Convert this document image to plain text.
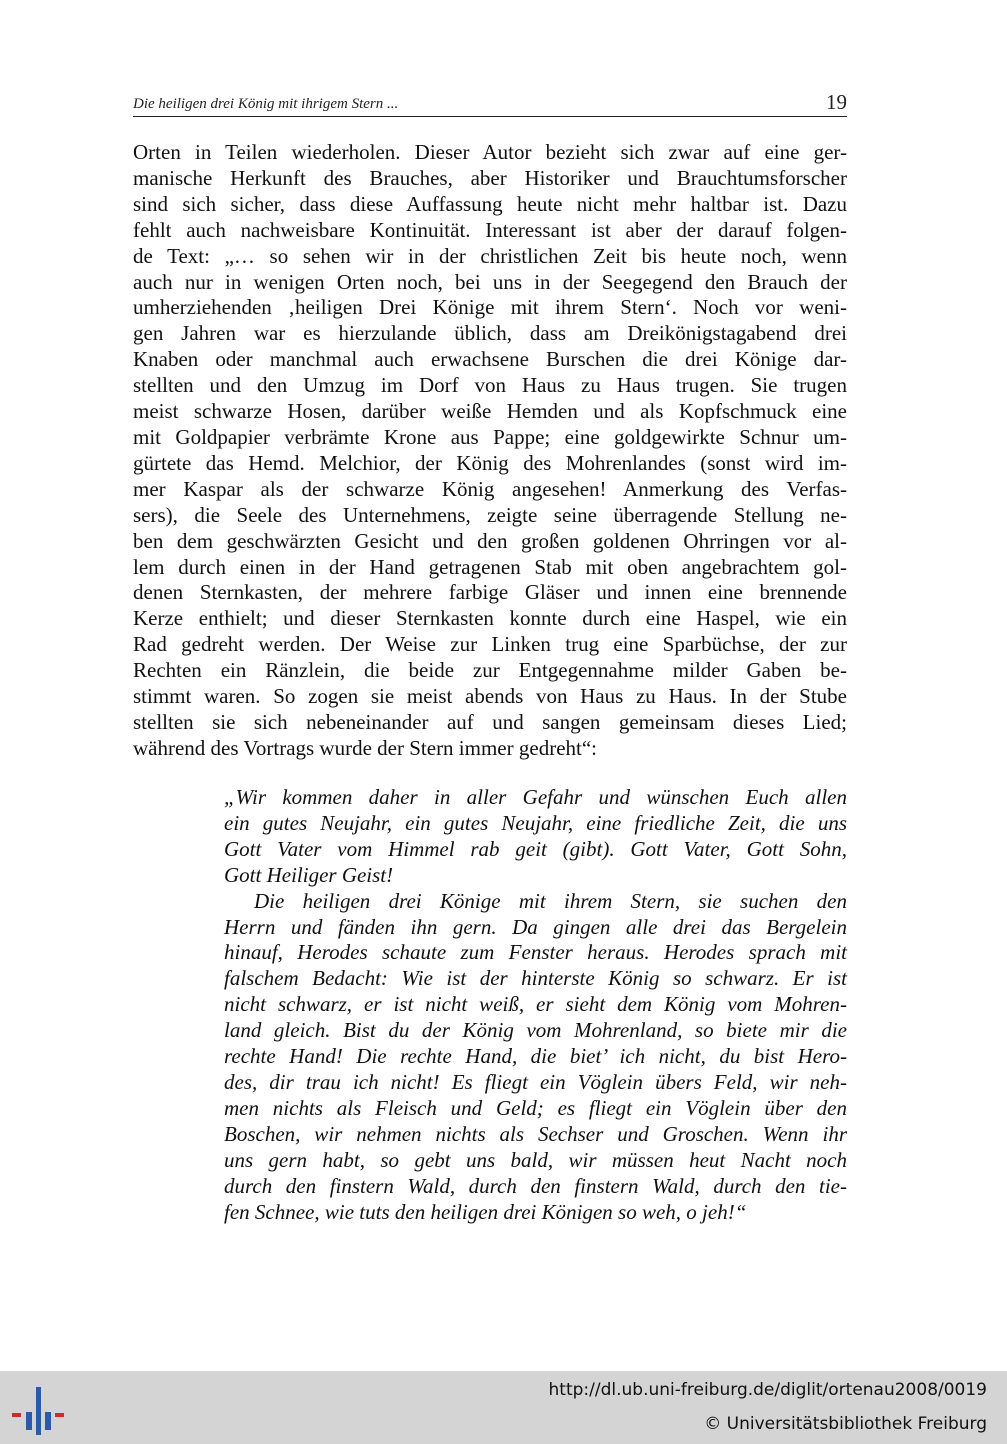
Die heiligen drei König mit ihrigem Stern ...	19
Orten in Teilen wiederholen. Dieser Autor bezieht sich zwar auf eine ger-
manische Herkunft des Brauches, aber Historiker und Brauchtumsforscher
sind sich sicher, dass diese Auffassung heute nicht mehr haltbar ist. Dazu
fehlt auch nachweisbare Kontinuität. Interessant ist aber der darauf folgen-
de Text: „… so sehen wir in der christlichen Zeit bis heute noch, wenn
auch nur in wenigen Orten noch, bei uns in der Seegegend den Brauch der
umherziehenden ‚heiligen Drei Könige mit ihrem Stern‘. Noch vor weni-
gen Jahren war es hierzulande üblich, dass am Dreikönigstagabend drei
Knaben oder manchmal auch erwachsene Burschen die drei Könige dar-
stellten und den Umzug im Dorf von Haus zu Haus trugen. Sie trugen
meist schwarze Hosen, darüber weiße Hemden und als Kopfschmuck eine
mit Goldpapier verbrämte Krone aus Pappe; eine goldgewirkte Schnur um-
gürtete das Hemd. Melchior, der König des Mohrenlandes (sonst wird im-
mer Kaspar als der schwarze König angesehen! Anmerkung des Verfas-
sers), die Seele des Unternehmens, zeigte seine überragende Stellung ne-
ben dem geschwärzten Gesicht und den großen goldenen Ohrringen vor al-
lem durch einen in der Hand getragenen Stab mit oben angebrachtem gol-
denen Sternkasten, der mehrere farbige Gläser und innen eine brennende
Kerze enthielt; und dieser Sternkasten konnte durch eine Haspel, wie ein
Rad gedreht werden. Der Weise zur Linken trug eine Sparbüchse, der zur
Rechten ein Ränzlein, die beide zur Entgegennahme milder Gaben be-
stimmt waren. So zogen sie meist abends von Haus zu Haus. In der Stube
stellten sie sich nebeneinander auf und sangen gemeinsam dieses Lied;
während des Vortrags wurde der Stern immer gedreht“:
„Wir kommen daher in aller Gefahr und wünschen Euch allen
ein gutes Neujahr, ein gutes Neujahr, eine friedliche Zeit, die uns
Gott Vater vom Himmel rab geit (gibt). Gott Vater, Gott Sohn,
Gott Heiliger Geist!
Die heiligen drei Könige mit ihrem Stern, sie suchen den
Herrn und fänden ihn gern. Da gingen alle drei das Bergelein
hinauf, Herodes schaute zum Fenster heraus. Herodes sprach mit
falschem Bedacht: Wie ist der hinterste König so schwarz. Er ist
nicht schwarz, er ist nicht weiß, er sieht dem König vom Mohren-
land gleich. Bist du der König vom Mohrenland, so biete mir die
rechte Hand! Die rechte Hand, die biet’ ich nicht, du bist Hero-
des, dir trau ich nicht! Es fliegt ein Vöglein übers Feld, wir neh-
men nichts als Fleisch und Geld; es fliegt ein Vöglein über den
Boschen, wir nehmen nichts als Sechser und Groschen. Wenn ihr
uns gern habt, so gebt uns bald, wir müssen heut Nacht noch
durch den finstern Wald, durch den finstern Wald, durch den tie-
fen Schnee, wie tuts den heiligen drei Königen so weh, o jeh!“
http://dl.ub.uni-freiburg.de/diglit/ortenau2008/0019
© Universitätsbibliothek Freiburg
